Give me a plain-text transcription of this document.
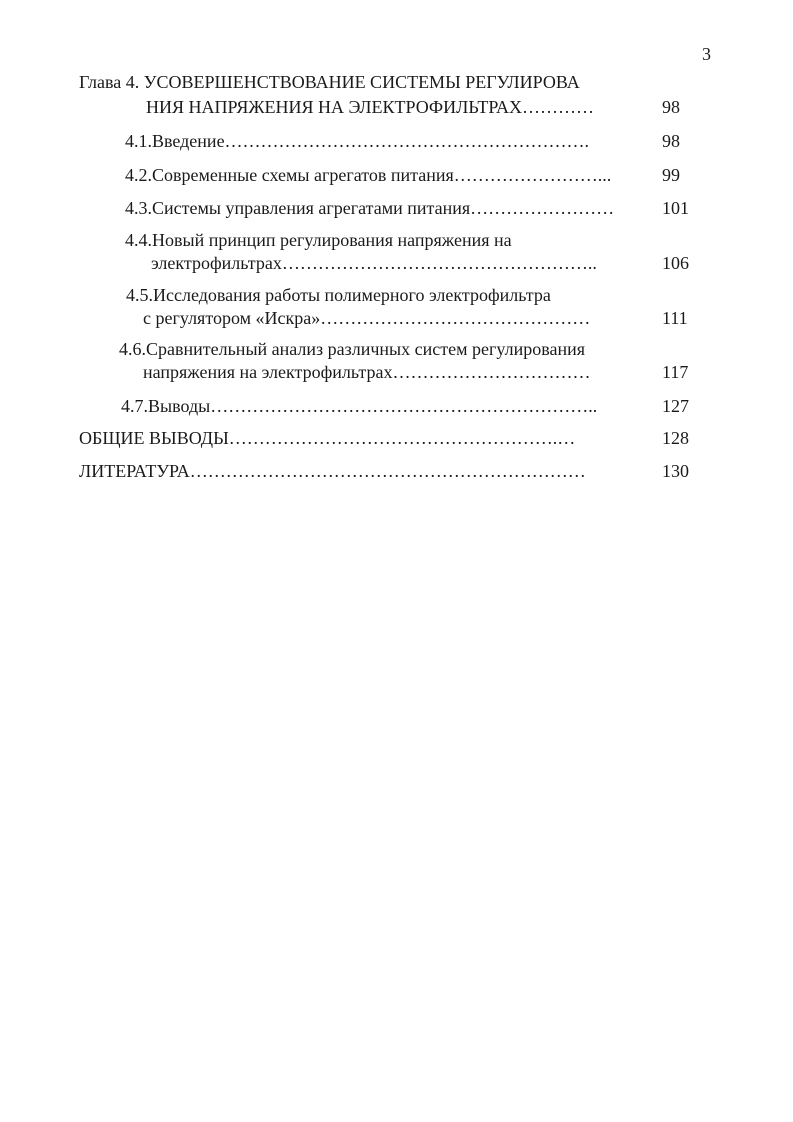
3
Глава 4. УСОВЕРШЕНСТВОВАНИЕ СИСТЕМЫ РЕГУЛИРОВА
НИЯ НАПРЯЖЕНИЯ НА ЭЛЕКТРОФИЛЬТРАХ…………	98
4.1.Введение…………………………………………………….	98
4.2.Современные схемы агрегатов питания……………………...	99
4.3.Системы управления агрегатами питания……………………	101
4.4.Новый принцип регулирования напряжения на
электрофильтрах……………………………………………..	106
4.5.Исследования работы полимерного электрофильтра
с регулятором «Искра»………………………………………	111
4.6.Сравнительный анализ различных систем регулирования
напряжения на электрофильтрах……………………………	117
4.7.Выводы………………………………………………………..	127
ОБЩИЕ ВЫВОДЫ……………………………………………….…	128
ЛИТЕРАТУРА…………………………………………………………	130
